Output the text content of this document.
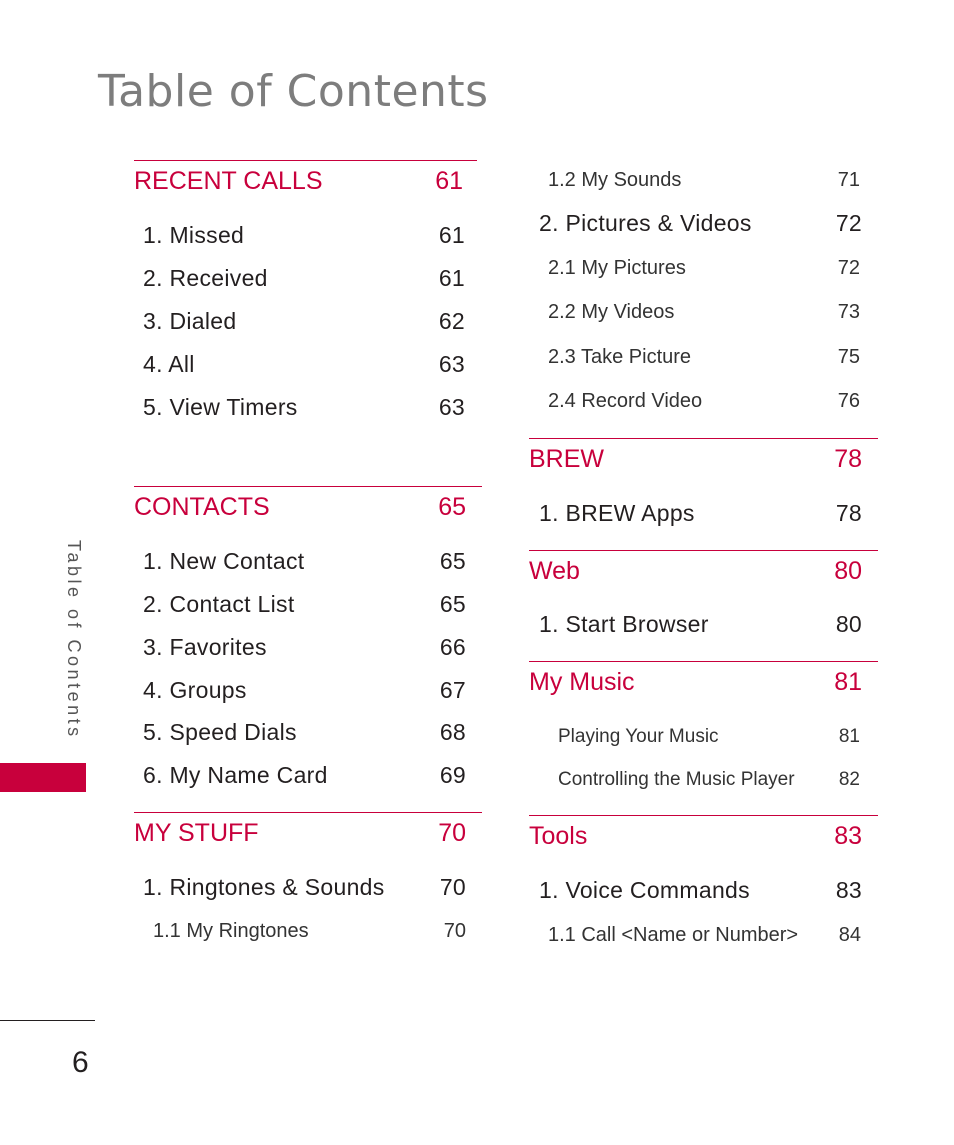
Table of Contents
Table of Contents
6
RECENT CALLS	61
1. Missed	61
2. Received	61
3. Dialed	62
4. All	63
5. View Timers	63
CONTACTS	65
1. New Contact	65
2. Contact List	65
3. Favorites	66
4. Groups	67
5. Speed Dials	68
6. My Name Card	69
MY STUFF	70
1. Ringtones & Sounds 70
1.1 My Ringtones	70
1.2 My Sounds	71
2. Pictures & Videos	72
2.1 My Pictures	72
2.2 My Videos	73
2.3 Take Picture	75
2.4 Record Video	76
BREW	78
1. BREW Apps	78
Web	80
1. Start Browser	80
My Music	81
Playing Your Music	81
Controlling the Music Player 82
Tools	83
1. Voice Commands	83
1.1 Call <Name or Number> 84
